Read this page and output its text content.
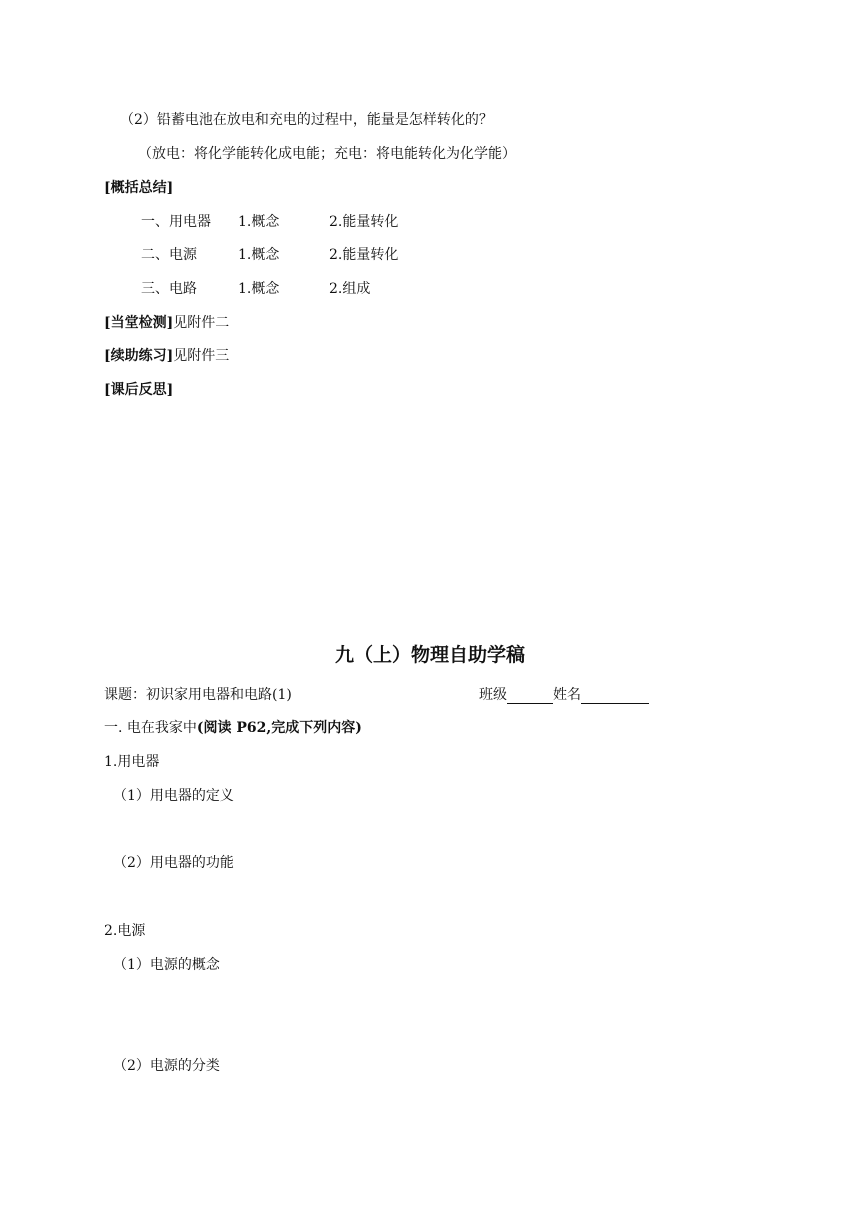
（2）铅蓄电池在放电和充电的过程中，能量是怎样转化的？
（放电：将化学能转化成电能；充电：将电能转化为化学能）
[概括总结]
一、用电器 1.概念	2.能量转化
二、电源	1.概念	2.能量转化
三、电路	1.概念	2.组成
[当堂检测]见附件二
[续助练习]见附件三
[课后反思]
九（上）物理自助学稿
课题：初识家用电器和电路(1)	班级	姓名
一. 电在我家中(阅读 P62,完成下列内容)
1.用电器
（1）用电器的定义
（2）用电器的功能
2.电源
（1）电源的概念
（2）电源的分类
